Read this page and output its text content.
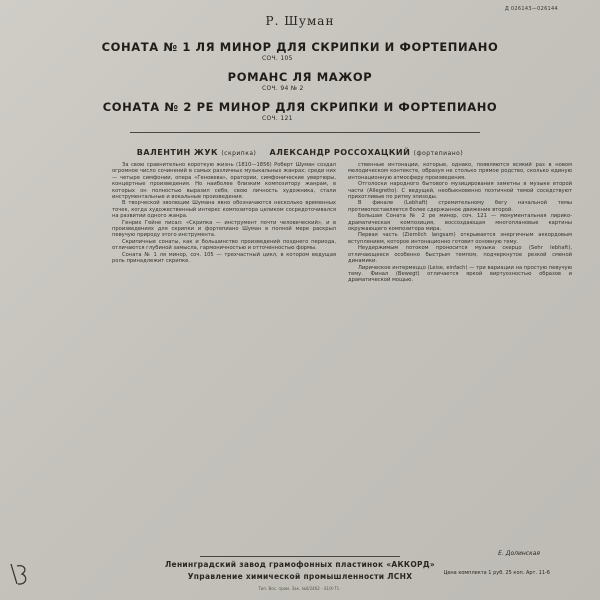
Д 026143—026144
Р. Шуман
СОНАТА № 1 ЛЯ МИНОР ДЛЯ СКРИПКИ И ФОРТЕПИАНО
СОЧ. 105
РОМАНС ЛЯ МАЖОР
СОЧ. 94 № 2
СОНАТА № 2 РЕ МИНОР ДЛЯ СКРИПКИ И ФОРТЕПИАНО
СОЧ. 121
ВАЛЕНТИН ЖУК (скрипка) АЛЕКСАНДР РОССОХАЦКИЙ (фортепиано)

За свою сравнительно короткую жизнь (1810—1856) Роберт Шуман создал огромное число сочинений в самых различных музыкальных жанрах; среди них — четыре симфонии, опера «Геновева», оратории, симфонические увертюры, концертные произведения. Но наиболее близким композитору жанрам, в которых он полностью выразил себя, свою личность художника, стали инструментальные и вокальные произведения.

В творческой эволюции Шумана явно обозначаются несколько временных точек, когда художественный интерес композитора целиком сосредоточивался на развитии одного жанра.

Генрих Гейне писал: «Скрипка — инструмент почти человеческий», и в произведениях для скрипки и фортепиано Шуман в полной мере раскрыл певучую природу этого инструмента.

Скрипичные сонаты, как и большинство произведений позднего периода, отличаются глубиной замысла, гармоничностью и отточенностью формы.

Соната № 1 ля минор, соч. 105 — трехчастный цикл, в котором ведущая роль принадлежит скрипке.

ственные интонации, которые, однако, появляются всякий раз в новом мелодическом контексте, образуя не столько прямое родство, сколько единую интонационную атмосферу произведения.

Отголоски народного бытового музицирования заметны в музыке второй части (Allegretto). С ведущей, необыкновенно поэтичной темой соседствуют прихотливые по ритму эпизоды.

В финале (Lebhaft) стремительному бегу начальной темы противопоставляется более сдержанное движение второй.

Большая Соната № 2 ре минор, соч. 121 — монументальная лирико-драматическая композиция, воссоздающая многоплановые картины окружающего композитора мира.

Первая часть (Ziemlich langsam) открывается энергичным аккордовым вступлением, которое интонационно готовит основную тему.

Неудержимым потоком проносится музыка скерцо (Sehr lebhaft), отличающееся особенно быстрым темпом, подчеркнутое резкой сменой динамики.

Лирическое интермеццо (Leise, einfach) — три вариации на простую певучую тему. Финал (Bewegt) отличается яркой виртуозностью образов и драматической мощью.

Е. Долинская
Ленинградский завод грамофонных пластинок «АККОРД»
Управление химической промышленности ЛСНХ	Цена комплекта 1 руб. 25 коп. Арт. 11-6
Тип. Вос. пром. Зак. №0/2462 · 41/X-71 ·
